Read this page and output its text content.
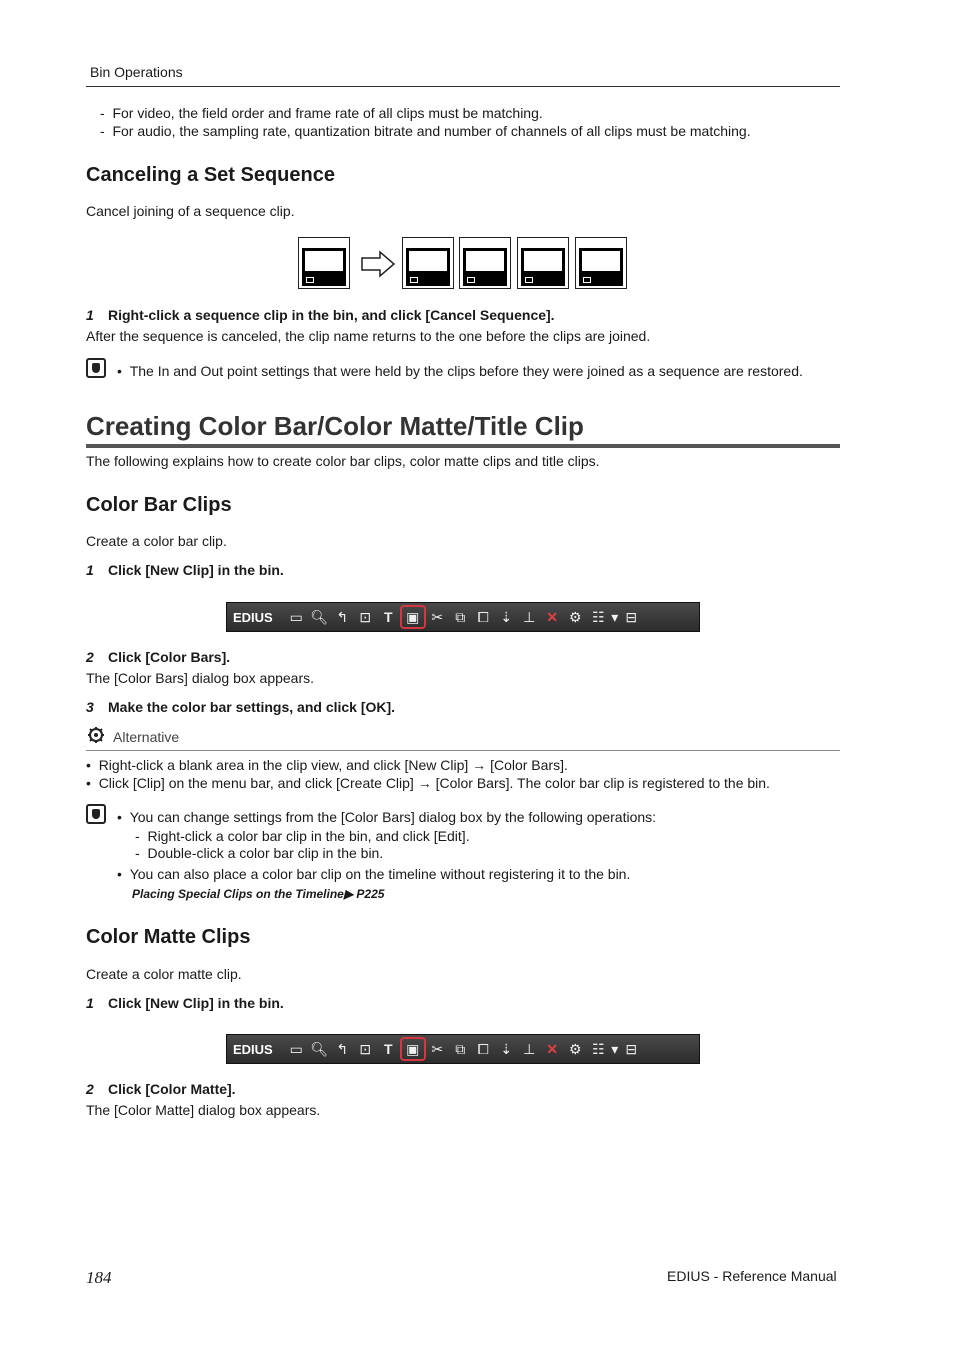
Bin Operations
-  For video, the field order and frame rate of all clips must be matching.
-  For audio, the sampling rate, quantization bitrate and number of channels of all clips must be matching.
Canceling a Set Sequence
Cancel joining of a sequence clip.
1 Right-click a sequence clip in the bin, and click [Cancel Sequence].
After the sequence is canceled, the clip name returns to the one before the clips are joined.
•  The In and Out point settings that were held by the clips before they were joined as a sequence are restored.
Creating Color Bar/Color Matte/Title Clip
The following explains how to create color bar clips, color matte clips and title clips.
Color Bar Clips
Create a color bar clip.
1 Click [New Clip] in the bin.
EDIUS	▭ 🔍︎ ↰ ⊡ T ▣ ✂ ⧉ ⧠ ⇣ ⊥ ✕ ⚙︎ ☷ ▾ ⊟
2 Click [Color Bars].
The [Color Bars] dialog box appears.
3 Make the color bar settings, and click [OK].
Alternative
•  Right-click a blank area in the clip view, and click [New Clip] → [Color Bars].
•  Click [Clip] on the menu bar, and click [Create Clip] → [Color Bars]. The color bar clip is registered to the bin.
•  You can change settings from the [Color Bars] dialog box by the following operations:
-  Right-click a color bar clip in the bin, and click [Edit].
-  Double-click a color bar clip in the bin.
•  You can also place a color bar clip on the timeline without registering it to the bin.
Placing Special Clips on the Timeline▶ P225
Color Matte Clips
Create a color matte clip.
1 Click [New Clip] in the bin.
EDIUS	▭ 🔍︎ ↰ ⊡ T ▣ ✂ ⧉ ⧠ ⇣ ⊥ ✕ ⚙︎ ☷ ▾ ⊟
2 Click [Color Matte].
The [Color Matte] dialog box appears.
184	EDIUS - Reference Manual
